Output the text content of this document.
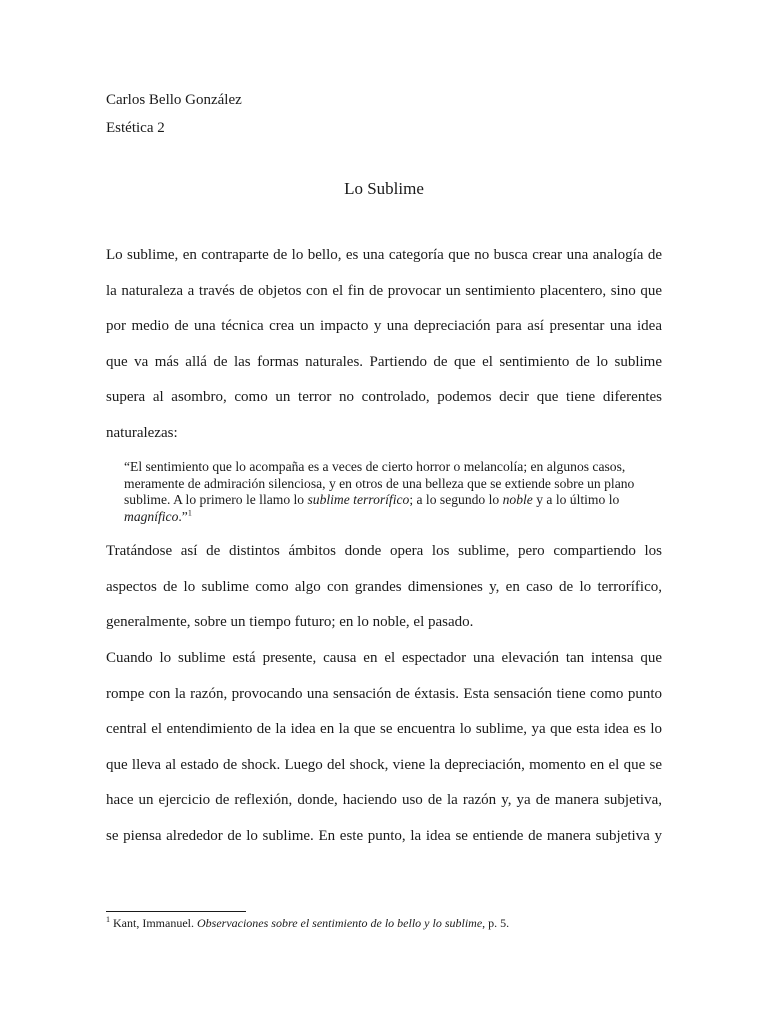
Carlos Bello González
Estética 2
Lo Sublime
Lo sublime, en contraparte de lo bello, es una categoría que no busca crear una analogía de
la naturaleza a través de objetos con el fin de provocar un sentimiento placentero, sino que
por medio de una técnica crea un impacto y una depreciación para así presentar una idea
que va más allá de las formas naturales. Partiendo de que el sentimiento de lo sublime
supera al asombro, como un terror no controlado, podemos decir que tiene diferentes
naturalezas:
“El sentimiento que lo acompaña es a veces de cierto horror o melancolía; en algunos casos,
meramente de admiración silenciosa, y en otros de una belleza que se extiende sobre un plano
sublime. A lo primero le llamo lo sublime terrorífico; a lo segundo lo noble y a lo último lo
magnífico.”$^1$
Tratándose así de distintos ámbitos donde opera los sublime, pero compartiendo los
aspectos de lo sublime como algo con grandes dimensiones y, en caso de lo terrorífico,
generalmente, sobre un tiempo futuro; en lo noble, el pasado.
Cuando lo sublime está presente, causa en el espectador una elevación tan intensa que
rompe con la razón, provocando una sensación de éxtasis. Esta sensación tiene como punto
central el entendimiento de la idea en la que se encuentra lo sublime, ya que esta idea es lo
que lleva al estado de shock. Luego del shock, viene la depreciación, momento en el que se
hace un ejercicio de reflexión, donde, haciendo uso de la razón y, ya de manera subjetiva,
se piensa alrededor de lo sublime. En este punto, la idea se entiende de manera subjetiva y
$^1$ Kant, Immanuel. Observaciones sobre el sentimiento de lo bello y lo sublime, p. 5.
